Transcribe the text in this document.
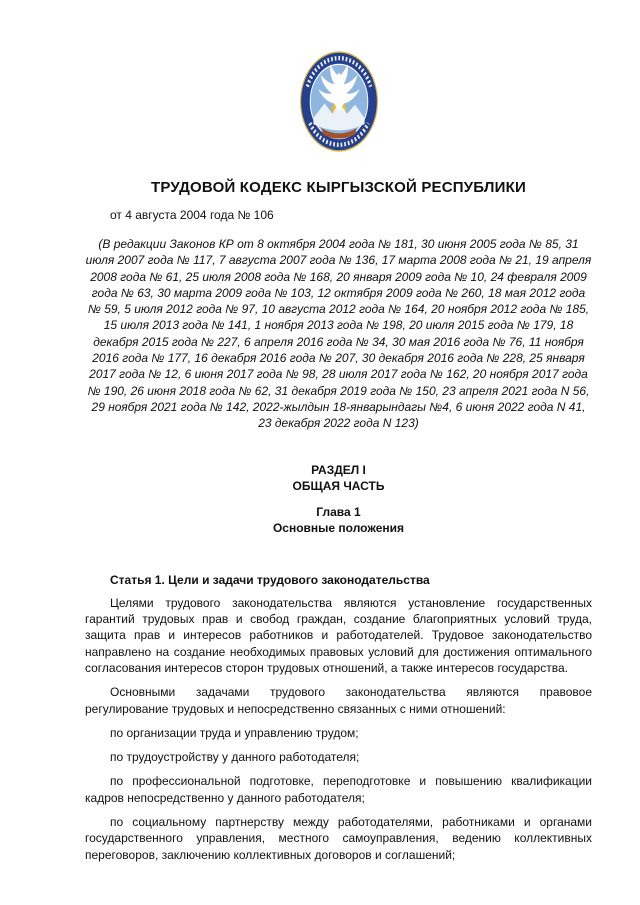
ТРУДОВОЙ КОДЕКС КЫРГЫЗСКОЙ РЕСПУБЛИКИ

от 4 августа 2004 года № 106

(В редакции Законов КР от 8 октября 2004 года № 181, 30 июня 2005 года № 85, 31 июля 2007 года № 117, 7 августа 2007 года № 136, 17 марта 2008 года № 21, 19 апреля 2008 года № 61, 25 июля 2008 года № 168, 20 января 2009 года № 10, 24 февраля 2009 года № 63, 30 марта 2009 года № 103, 12 октября 2009 года № 260, 18 мая 2012 года № 59, 5 июля 2012 года № 97, 10 августа 2012 года № 164, 20 ноября 2012 года № 185, 15 июля 2013 года № 141, 1 ноября 2013 года № 198, 20 июля 2015 года № 179, 18 декабря 2015 года № 227, 6 апреля 2016 года № 34, 30 мая 2016 года № 76, 11 ноября 2016 года № 177, 16 декабря 2016 года № 207, 30 декабря 2016 года № 228, 25 января 2017 года № 12, 6 июня 2017 года № 98, 28 июля 2017 года № 162, 20 ноября 2017 года № 190, 26 июня 2018 года № 62, 31 декабря 2019 года № 150, 23 апреля 2021 года N 56, 29 ноября 2021 года № 142, 2022-жылдын 18-январындагы №4, 6 июня 2022 года N 41, 23 декабря 2022 года N 123)

РАЗДЕЛ I
ОБЩАЯ ЧАСТЬ
Глава 1
Основные положения

Статья 1. Цели и задачи трудового законодательства

Целями трудового законодательства являются установление государственных гарантий трудовых прав и свобод граждан, создание благоприятных условий труда, защита прав и интересов работников и работодателей. Трудовое законодательство направлено на создание необходимых правовых условий для достижения оптимального согласования интересов сторон трудовых отношений, а также интересов государства.

Основными задачами трудового законодательства являются правовое регулирование трудовых и непосредственно связанных с ними отношений:

по организации труда и управлению трудом;

по трудоустройству у данного работодателя;

по профессиональной подготовке, переподготовке и повышению квалификации кадров непосредственно у данного работодателя;

по социальному партнерству между работодателями, работниками и органами государственного управления, местного самоуправления, ведению коллективных переговоров, заключению коллективных договоров и соглашений;
